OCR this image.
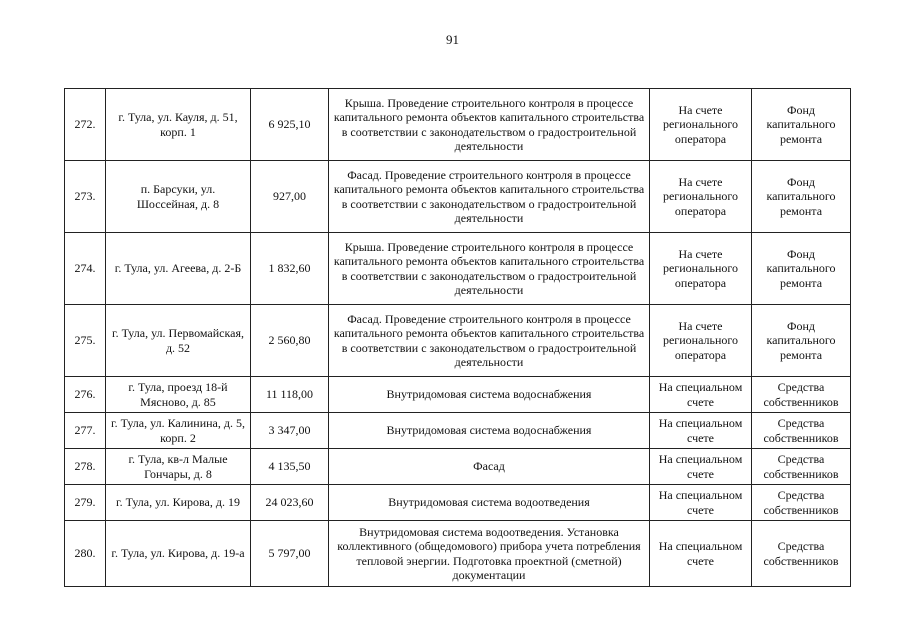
91
272.	г. Тула, ул. Кауля, д. 51, корп. 1	6 925,10	Крыша. Проведение строительного контроля в процессе капитального ремонта объектов капитального строительства в соответствии с законодательством о градостроительной деятельности	На счете регионального оператора	Фонд капитального ремонта
273.	п. Барсуки, ул. Шоссейная, д. 8	927,00	Фасад. Проведение строительного контроля в процессе капитального ремонта объектов капитального строительства в соответствии с законодательством о градостроительной деятельности	На счете регионального оператора	Фонд капитального ремонта
274.	г. Тула, ул. Агеева, д. 2-Б	1 832,60	Крыша. Проведение строительного контроля в процессе капитального ремонта объектов капитального строительства в соответствии с законодательством о градостроительной деятельности	На счете регионального оператора	Фонд капитального ремонта
275.	г. Тула, ул. Первомайская, д. 52	2 560,80	Фасад. Проведение строительного контроля в процессе капитального ремонта объектов капитального строительства в соответствии с законодательством о градостроительной деятельности	На счете регионального оператора	Фонд капитального ремонта
276.	г. Тула, проезд 18-й Мясново, д. 85	11 118,00	Внутридомовая система водоснабжения	На специальном счете	Средства собственников
277.	г. Тула, ул. Калинина, д. 5, корп. 2	3 347,00	Внутридомовая система водоснабжения	На специальном счете	Средства собственников
278.	г. Тула, кв-л Малые Гончары, д. 8	4 135,50	Фасад	На специальном счете	Средства собственников
279.	г. Тула, ул. Кирова, д. 19	24 023,60	Внутридомовая система водоотведения	На специальном счете	Средства собственников
280.	г. Тула, ул. Кирова, д. 19-а	5 797,00	Внутридомовая система водоотведения. Установка коллективного (общедомового) прибора учета потребления тепловой энергии. Подготовка проектной (сметной) документации	На специальном счете	Средства собственников
